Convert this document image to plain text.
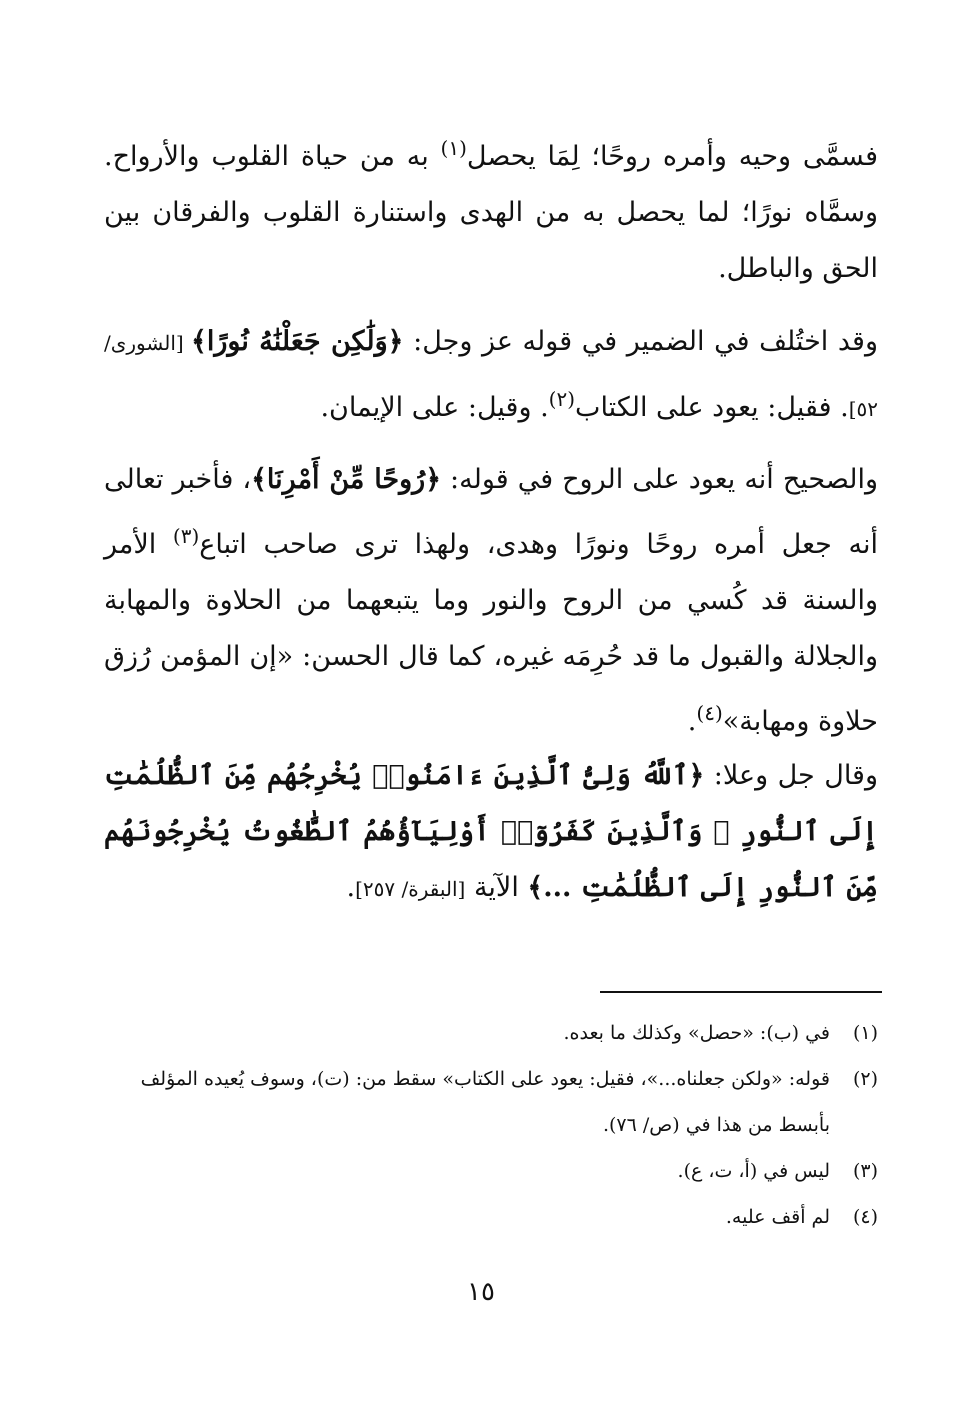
فسمَّى وحيه وأمره روحًا؛ لِمَا يحصل$^{(١)}$ به من حياة القلوب والأرواح. وسمَّاه نورًا؛ لما يحصل به من الهدى واستنارة القلوب والفرقان بين الحق والباطل.

وقد اختُلف في الضمير في قوله عز وجل: ﴿وَلَٰكِن جَعَلْنَٰهُ نُورًا﴾ [الشورى/ ٥٢]. فقيل: يعود على الكتاب$^{(٢)}$. وقيل: على الإيمان.

والصحيح أنه يعود على الروح في قوله: ﴿رُوحًا مِّنْ أَمْرِنَا﴾، فأخبر تعالى أنه جعل أمره روحًا ونورًا وهدى، ولهذا ترى صاحب اتباع$^{(٣)}$ الأمر والسنة قد كُسي من الروح والنور وما يتبعهما من الحلاوة والمهابة والجلالة والقبول ما قد حُرِمَه غيره، كما قال الحسن: «إن المؤمن رُزق حلاوة ومهابة»$^{(٤)}$.

وقال جل وعلا: ﴿ٱللَّهُ وَلِىُّ ٱلَّذِينَ ءَامَنُوا۟ يُخْرِجُهُم مِّنَ ٱلظُّلُمَٰتِ إِلَى ٱلنُّورِ ۖ وَٱلَّذِينَ كَفَرُوٓا۟ أَوْلِيَآؤُهُمُ ٱلطَّٰغُوتُ يُخْرِجُونَهُم مِّنَ ٱلنُّورِ إِلَى ٱلظُّلُمَٰتِ ...﴾ الآية [البقرة/ ٢٥٧].

(١)
في (ب): «حصل» وكذلك ما بعده.
(٢)
قوله: «ولكن جعلناه...»، فقيل: يعود على الكتاب» سقط من: (ت)، وسوف يُعيده المؤلف بأبسط من هذا في (ص/ ٧٦).
(٣)
ليس في (أ، ت، ع).
(٤)
لم أقف عليه.
١٥
